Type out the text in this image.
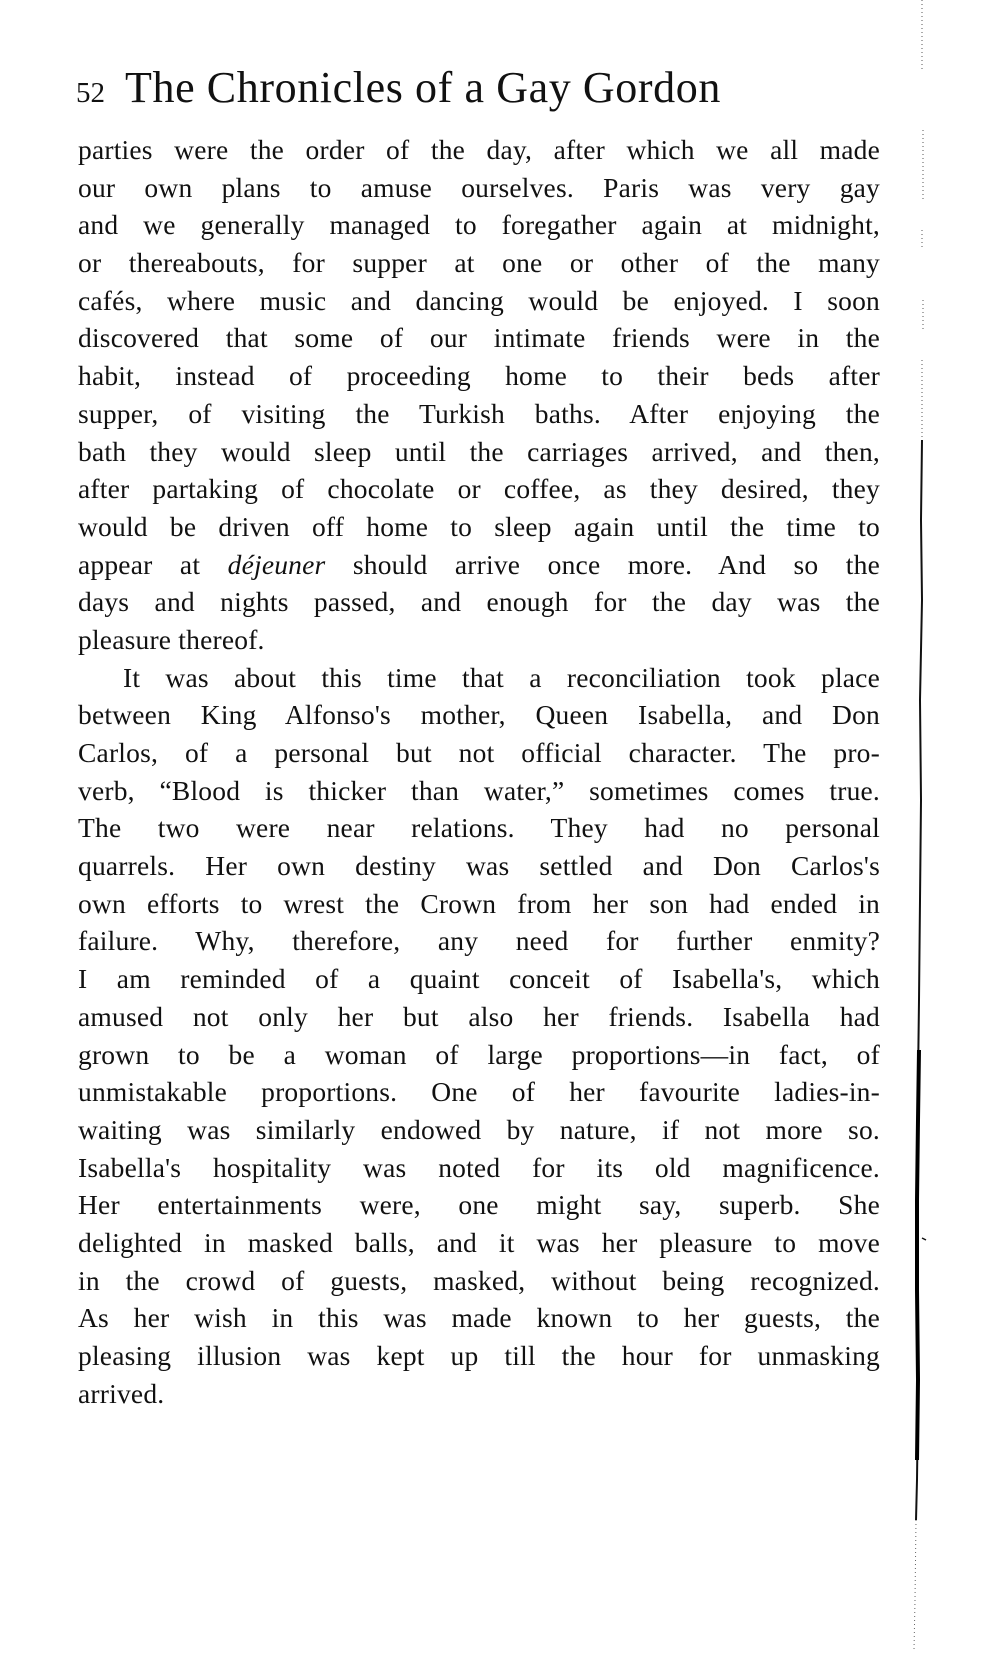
52 The Chronicles of a Gay Gordon
parties were the order of the day, after which we all made
our own plans to amuse ourselves. Paris was very gay
and we generally managed to foregather again at midnight,
or thereabouts, for supper at one or other of the many
cafés, where music and dancing would be enjoyed. I soon
discovered that some of our intimate friends were in the
habit, instead of proceeding home to their beds after
supper, of visiting the Turkish baths. After enjoying the
bath they would sleep until the carriages arrived, and then,
after partaking of chocolate or coffee, as they desired, they
would be driven off home to sleep again until the time to
appear at déjeuner should arrive once more. And so the
days and nights passed, and enough for the day was the
pleasure thereof.
It was about this time that a reconciliation took place
between King Alfonso's mother, Queen Isabella, and Don
Carlos, of a personal but not official character. The pro-
verb, “Blood is thicker than water,” sometimes comes true.
The two were near relations. They had no personal
quarrels. Her own destiny was settled and Don Carlos's
own efforts to wrest the Crown from her son had ended in
failure. Why, therefore, any need for further enmity?
I am reminded of a quaint conceit of Isabella's, which
amused not only her but also her friends. Isabella had
grown to be a woman of large proportions—in fact, of
unmistakable proportions. One of her favourite ladies-in-
waiting was similarly endowed by nature, if not more so.
Isabella's hospitality was noted for its old magnificence.
Her entertainments were, one might say, superb. She
delighted in masked balls, and it was her pleasure to move
in the crowd of guests, masked, without being recognized.
As her wish in this was made known to her guests, the
pleasing illusion was kept up till the hour for unmasking
arrived.
